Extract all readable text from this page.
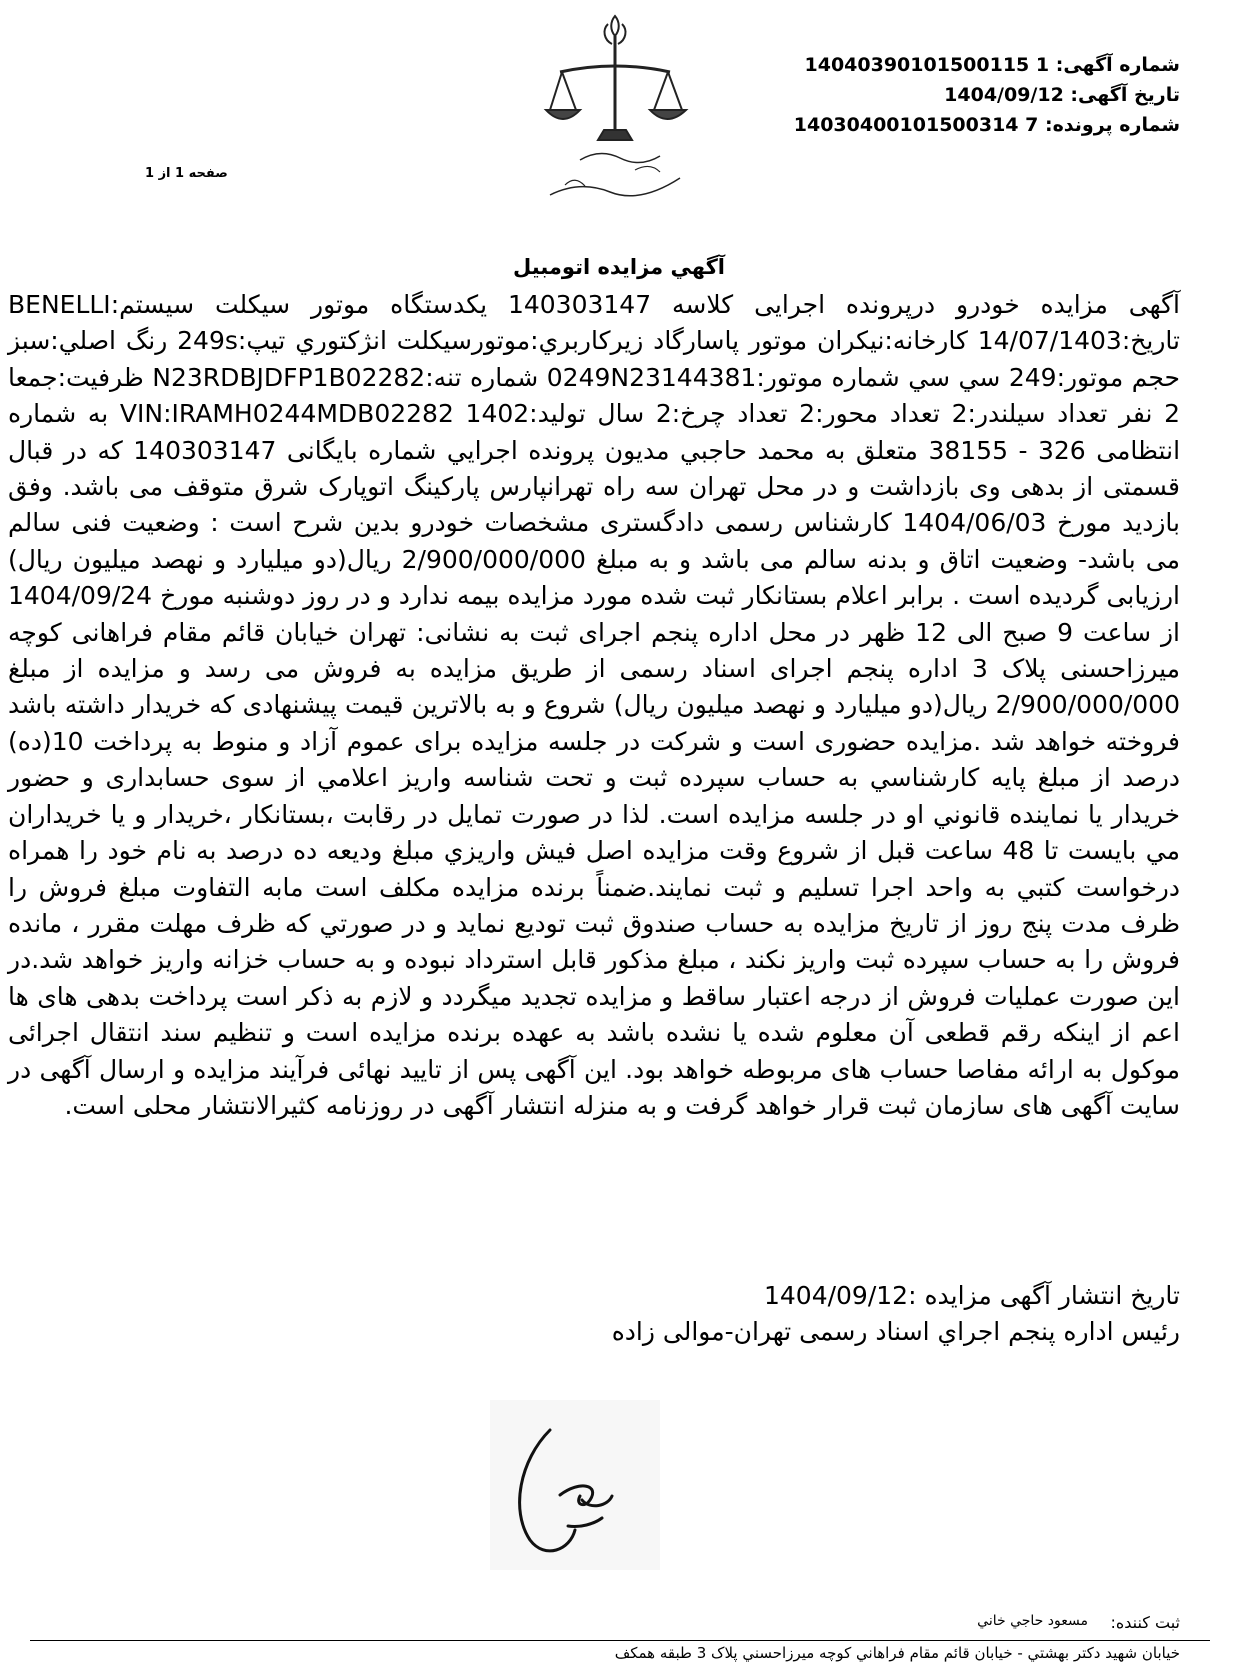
شماره آگهی: 14040390101500115 1
تاریخ آگهی: 1404/09/12
شماره پرونده: 14030400101500314 7
صفحه 1 از 1
آگهي مزايده اتومبيل

آگهی مزایده خودرو درپرونده اجرایی کلاسه 140303147 یکدستگاه موتور سیکلت سیستم:BENELLI تاریخ:14/07/1403 کارخانه:نیکران موتور پاسارگاد زیرکاربري:موتورسیکلت انژکتوري تیپ:249s رنگ اصلي:سبز حجم موتور:249 سي سي شماره موتور:0249N23144381 شماره تنه:N23RDBJDFP1B02282 ظرفیت:جمعا 2 نفر تعداد سیلندر:2 تعداد محور:2 تعداد چرخ:2 سال تولید:1402 VIN:IRAMH0244MDB02282 به شماره انتظامی 326 - 38155 متعلق به محمد حاجبي مدیون پرونده اجرایي شماره بایگانی 140303147 که در قبال قسمتی از بدهی وی بازداشت و در محل تهران سه راه تهرانپارس پارکینگ اتوپارک شرق متوقف می باشد. وفق بازدید مورخ 1404/06/03 کارشناس رسمی دادگستری مشخصات خودرو بدین شرح است : وضعیت فنی سالم می باشد- وضعیت اتاق و بدنه سالم می باشد و به مبلغ 2/900/000/000 ریال(دو میلیارد و نهصد میلیون ریال) ارزیابی گردیده است . برابر اعلام بستانکار ثبت شده مورد مزایده بیمه ندارد و در روز دوشنبه مورخ 1404/09/24 از ساعت 9 صبح الی 12 ظهر در محل اداره پنجم اجرای ثبت به نشانی: تهران خیابان قائم مقام فراهانی کوچه میرزاحسنی پلاک 3 اداره پنجم اجرای اسناد رسمی از طریق مزایده به فروش می رسد و مزایده از مبلغ 2/900/000/000 ریال(دو میلیارد و نهصد میلیون ریال) شروع و به بالاترین قیمت پیشنهادی که خریدار داشته باشد فروخته خواهد شد .مزایده حضوری است و شرکت در جلسه مزایده برای عموم آزاد و منوط به پرداخت 10(ده) درصد از مبلغ پايه کارشناسي به حساب سپرده ثبت و تحت شناسه واریز اعلامي از سوی حسابداری و حضور خریدار یا نماینده قانوني او در جلسه مزایده است. لذا در صورت تمایل در رقابت ،بستانکار ،خریدار و یا خریداران مي بایست تا 48 ساعت قبل از شروع وقت مزایده اصل فیش واریزي مبلغ ودیعه ده درصد به نام خود را همراه درخواست کتبي به واحد اجرا تسلیم و ثبت نمایند.ضمناً برنده مزایده مکلف است مابه التفاوت مبلغ فروش را ظرف مدت پنج روز از تاریخ مزایده به حساب صندوق ثبت تودیع نماید و در صورتي که ظرف مهلت مقرر ، مانده فروش را به حساب سپرده ثبت واریز نکند ، مبلغ مذکور قابل استرداد نبوده و به حساب خزانه واریز خواهد شد.در این صورت عملیات فروش از درجه اعتبار ساقط و مزایده تجدید میگردد و لازم به ذکر است پرداخت بدهی های ها اعم از اینکه رقم قطعی آن معلوم شده یا نشده باشد به عهده برنده مزایده است و تنظیم سند انتقال اجرائی موکول به ارائه مفاصا حساب های مربوطه خواهد بود. این آگهی پس از تایید نهائی فرآیند مزایده و ارسال آگهی در سایت آگهی های سازمان ثبت قرار خواهد گرفت و به منزله انتشار آگهی در روزنامه کثیرالانتشار محلی است.

تاریخ انتشار آگهی مزایده :1404/09/12
رئیس اداره پنجم اجراي اسناد رسمی تهران-موالی زاده
ثبت کننده:
مسعود حاجي خاني
خيابان شهيد دکتر بهشتي - خيابان قائم مقام فراهاني کوچه ميرزاحسني پلاک 3 طبقه همکف
